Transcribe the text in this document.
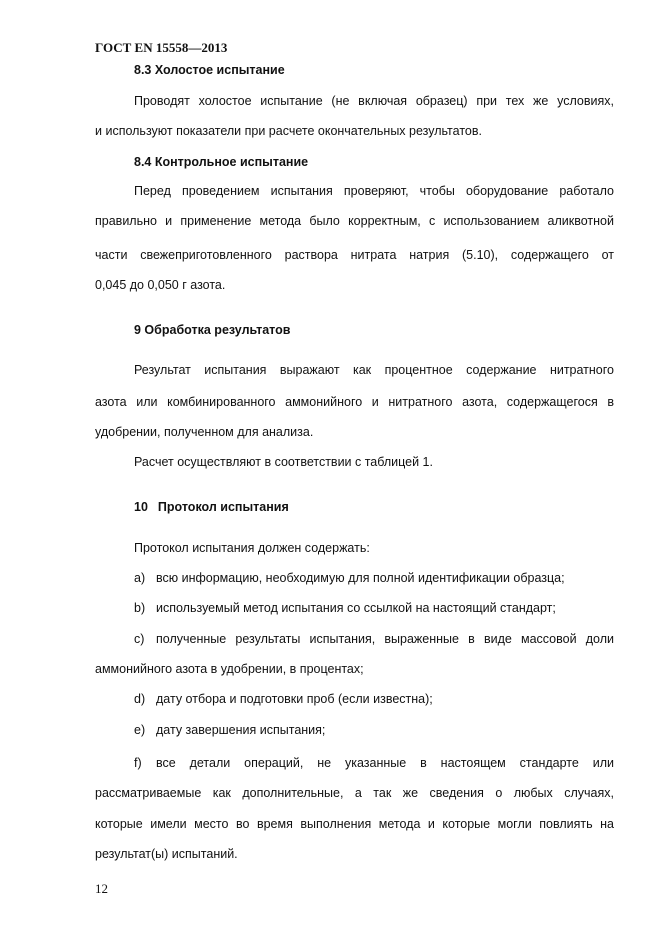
ГОСТ EN 15558—2013
8.3 Холостое испытание
Проводят холостое испытание (не включая образец) при тех же условиях,
и используют показатели при расчете окончательных результатов.
8.4 Контрольное испытание
Перед проведением испытания проверяют, чтобы оборудование работало
правильно и применение метода было корректным, с использованием аликвотной
части свежеприготовленного раствора нитрата натрия (5.10), содержащего от
0,045 до 0,050 г азота.
9 Обработка результатов
Результат испытания выражают как процентное содержание нитратного
азота или комбинированного аммонийного и нитратного азота, содержащегося в
удобрении, полученном для анализа.
Расчет осуществляют в соответствии с таблицей 1.
10 Протокол испытания
Протокол испытания должен содержать:
а) всю информацию, необходимую для полной идентификации образца;
b) используемый метод испытания со ссылкой на настоящий стандарт;
c) полученные результаты испытания, выраженные в виде массовой доли
аммонийного азота в удобрении, в процентах;
d) дату отбора и подготовки проб (если известна);
е) дату завершения испытания;
f)	все детали операций, не указанные в настоящем стандарте или
рассматриваемые как дополнительные, а так же сведения о любых случаях,
которые имели место во время выполнения метода и которые могли повлиять на
результат(ы) испытаний.
12
